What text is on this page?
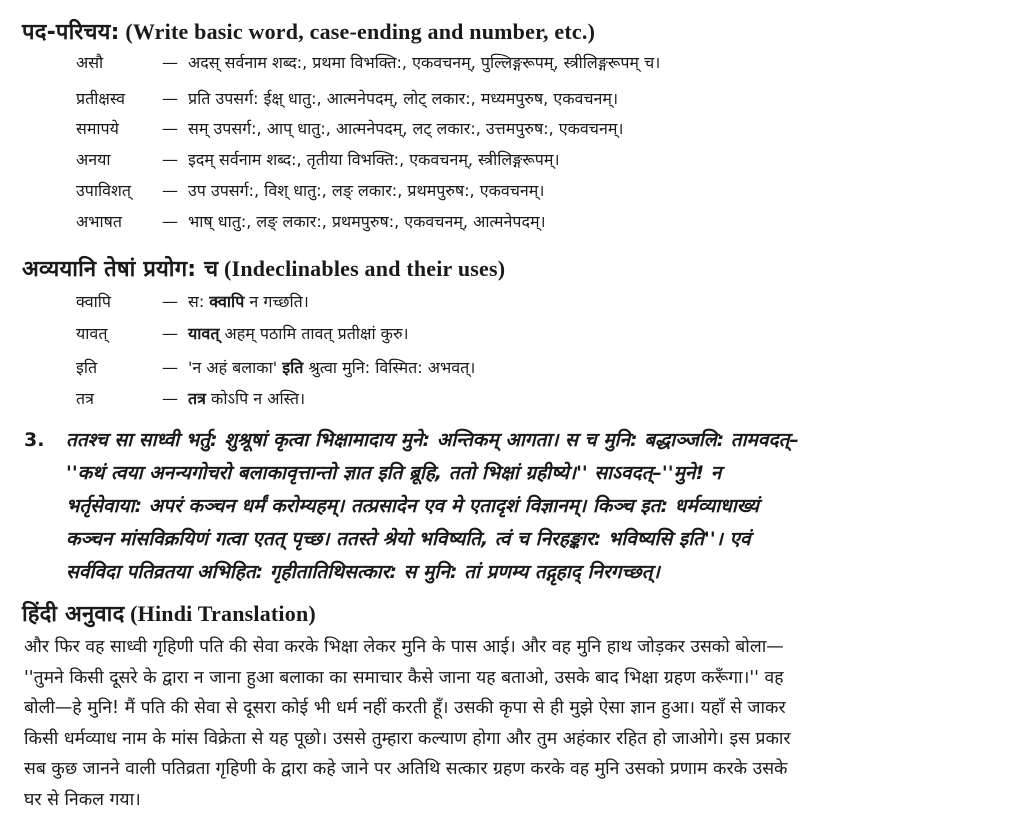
पद-परिचय: (Write basic word, case-ending and number, etc.)
असौ	— अदस् सर्वनाम शब्द:, प्रथमा विभक्ति:, एकवचनम्, पुल्लिङ्गरूपम्, स्त्रीलिङ्गरूपम् च।
प्रतीक्षस्व — प्रति उपसर्ग: ईक्ष् धातु:, आत्मनेपदम्, लोट् लकार:, मध्यमपुरुष, एकवचनम्।
समापये	— सम् उपसर्ग:, आप् धातु:, आत्मनेपदम्, लट् लकार:, उत्तमपुरुष:, एकवचनम्।
अनया	— इदम् सर्वनाम शब्द:, तृतीया विभक्ति:, एकवचनम्, स्त्रीलिङ्गरूपम्।
उपाविशत् — उप उपसर्ग:, विश् धातु:, लङ् लकार:, प्रथमपुरुष:, एकवचनम्।
अभाषत	— भाष् धातु:, लङ् लकार:, प्रथमपुरुष:, एकवचनम्, आत्मनेपदम्।
अव्ययानि तेषां प्रयोग: च (Indeclinables and their uses)
क्वापि	— स: क्वापि न गच्छति।
यावत्	— यावत् अहम् पठामि तावत् प्रतीक्षां कुरु।
इति	— 'न अहं बलाका' इति श्रुत्वा मुनि: विस्मित: अभवत्।
तत्र	— तत्र कोऽपि न अस्ति।
3. ततश्च सा साध्वी भर्तु: शुश्रूषां कृत्वा भिक्षामादाय मुने: अन्तिकम् आगता। स च मुनि: बद्धाञ्जलि: तामवदत्–
''कथं त्वया अनन्यगोचरो बलाकावृत्तान्तो ज्ञात इति ब्रूहि, ततो भिक्षां ग्रहीष्ये।'' साऽवदत्–''मुने! न
भर्तृसेवाया: अपरं कञ्चन धर्मं करोम्यहम्। तत्प्रसादेन एव मे एतादृशं विज्ञानम्। किञ्च इत: धर्मव्याधाख्यं
कञ्चन मांसविक्रयिणं गत्वा एतत् पृच्छ। ततस्ते श्रेयो भविष्यति, त्वं च निरहङ्कार: भविष्यसि इति''। एवं
सर्वविदा पतिव्रतया अभिहित: गृहीतातिथिसत्कार: स मुनि: तां प्रणम्य तद्गृहाद् निरगच्छत्।
हिंदी अनुवाद (Hindi Translation)
और फिर वह साध्वी गृहिणी पति की सेवा करके भिक्षा लेकर मुनि के पास आई। और वह मुनि हाथ जोड़कर उसको बोला—
''तुमने किसी दूसरे के द्वारा न जाना हुआ बलाका का समाचार कैसे जाना यह बताओ, उसके बाद भिक्षा ग्रहण करूँगा।'' वह
बोली—हे मुनि! मैं पति की सेवा से दूसरा कोई भी धर्म नहीं करती हूँ। उसकी कृपा से ही मुझे ऐसा ज्ञान हुआ। यहाँ से जाकर
किसी धर्मव्याध नाम के मांस विक्रेता से यह पूछो। उससे तुम्हारा कल्याण होगा और तुम अहंकार रहित हो जाओगे। इस प्रकार
सब कुछ जानने वाली पतिव्रता गृहिणी के द्वारा कहे जाने पर अतिथि सत्कार ग्रहण करके वह मुनि उसको प्रणाम करके उसके
घर से निकल गया।
